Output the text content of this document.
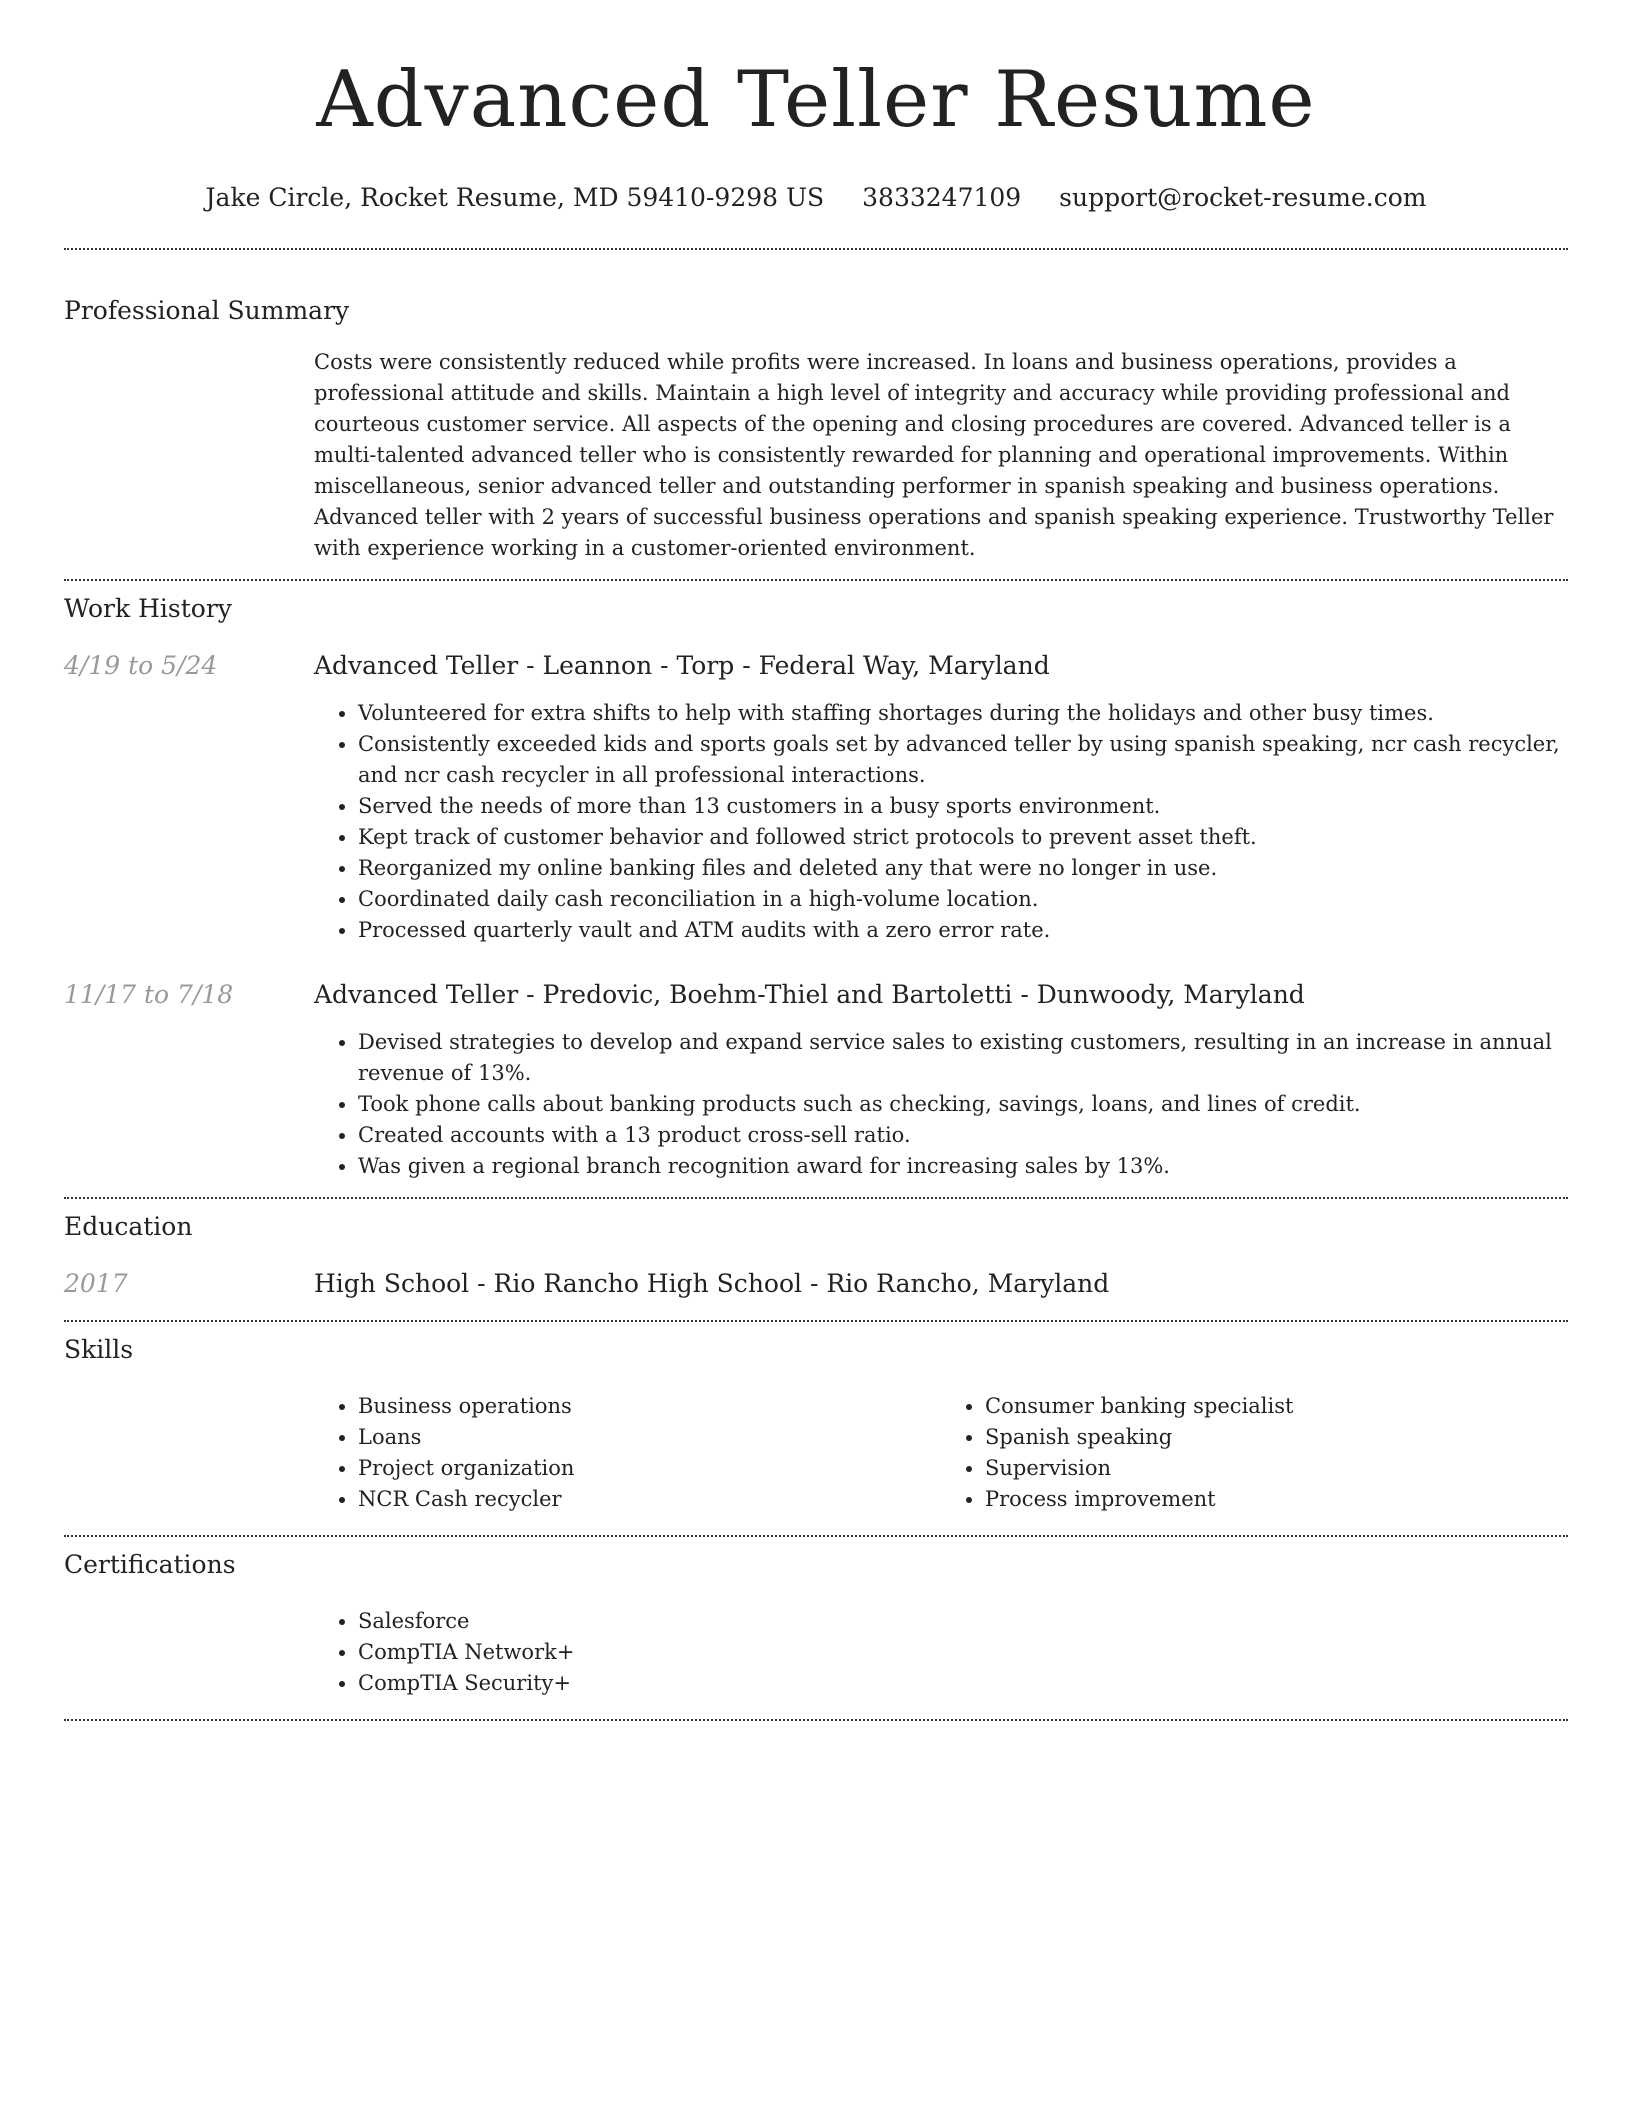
Advanced Teller Resume
Jake Circle, Rocket Resume, MD 59410-9298 US 3833247109 support@rocket-resume.com
Professional Summary

Costs were consistently reduced while profits were increased. In loans and business operations, provides a professional attitude and skills. Maintain a high level of integrity and accuracy while providing professional and courteous customer service. All aspects of the opening and closing procedures are covered. Advanced teller is a multi-talented advanced teller who is consistently rewarded for planning and operational improvements. Within miscellaneous, senior advanced teller and outstanding performer in spanish speaking and business operations. Advanced teller with 2 years of successful business operations and spanish speaking experience. Trustworthy Teller with experience working in a customer-oriented environment.

Work History
4/19 to 5/24	Advanced Teller - Leannon - Torp - Federal Way, Maryland
• Volunteered for extra shifts to help with staffing shortages during the holidays and other busy times.
• Consistently exceeded kids and sports goals set by advanced teller by using spanish speaking, ncr cash recycler, and ncr cash recycler in all professional interactions.
• Served the needs of more than 13 customers in a busy sports environment.
• Kept track of customer behavior and followed strict protocols to prevent asset theft.
• Reorganized my online banking files and deleted any that were no longer in use.
• Coordinated daily cash reconciliation in a high-volume location.
• Processed quarterly vault and ATM audits with a zero error rate.
11/17 to 7/18	Advanced Teller - Predovic, Boehm-Thiel and Bartoletti - Dunwoody, Maryland
• Devised strategies to develop and expand service sales to existing customers, resulting in an increase in annual revenue of 13%.
• Took phone calls about banking products such as checking, savings, loans, and lines of credit.
• Created accounts with a 13 product cross-sell ratio.
• Was given a regional branch recognition award for increasing sales by 13%.
Education
2017	High School - Rio Rancho High School - Rio Rancho, Maryland
Skills
• Business operations
• Loans
• Project organization
• NCR Cash recycler
• Consumer banking specialist
• Spanish speaking
• Supervision
• Process improvement
Certifications
• Salesforce
• CompTIA Network+
• CompTIA Security+
